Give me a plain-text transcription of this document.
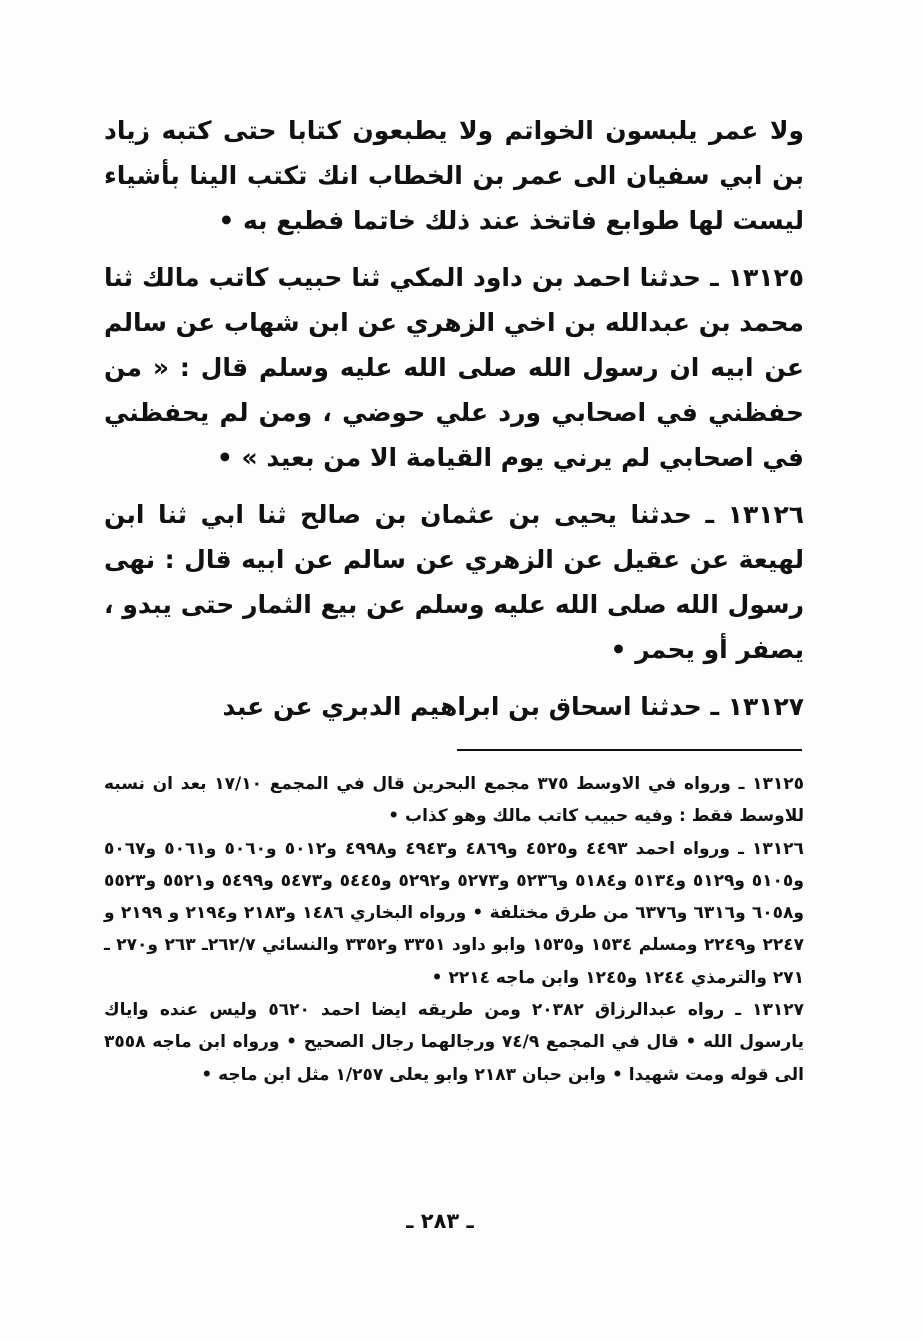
ولا عمر يلبسون الخواتم ولا يطبعون كتابا حتى كتبه زياد بن ابي سفيان الى عمر بن الخطاب انك تكتب الينا بأشياء ليست لها طوابع فاتخذ عند ذلك خاتما فطبع به •

١٣١٢٥ ـ حدثنا احمد بن داود المكي ثنا حبيب كاتب مالك ثنا محمد بن عبدالله بن اخي الزهري عن ابن شهاب عن سالم عن ابيه ان رسول الله صلى الله عليه وسلم قال : « من حفظني في اصحابي ورد علي حوضي ، ومن لم يحفظني في اصحابي لم يرني يوم القيامة الا من بعيد » •

١٣١٢٦ ـ حدثنا يحيى بن عثمان بن صالح ثنا ابي ثنا ابن لهيعة عن عقيل عن الزهري عن سالم عن ابيه قال : نهى رسول الله صلى الله عليه وسلم عن بيع الثمار حتى يبدو ، يصفر أو يحمر •

١٣١٢٧ ـ حدثنا اسحاق بن ابراهيم الدبري عن عبد

١٣١٢٥ ـ ورواه في الاوسط ٣٧٥ مجمع البحرين قال في المجمع ١٧/١٠ بعد ان نسبه للاوسط فقط : وفيه حبيب كاتب مالك وهو كذاب •

١٣١٢٦ ـ ورواه احمد ٤٤٩٣ و٤٥٢٥ و٤٨٦٩ و٤٩٤٣ و٤٩٩٨ و٥٠١٢ و٥٠٦٠ و٥٠٦١ و٥٠٦٧ و٥١٠٥ و٥١٢٩ و٥١٣٤ و٥١٨٤ و٥٢٣٦ و٥٢٧٣ و٥٢٩٢ و٥٤٤٥ و٥٤٧٣ و٥٤٩٩ و٥٥٢١ و٥٥٢٣ و٦٠٥٨ و٦٣١٦ و٦٣٧٦ من طرق مختلفة • ورواه البخاري ١٤٨٦ و٢١٨٣ و٢١٩٤ و ٢١٩٩ و ٢٢٤٧ و٢٢٤٩ ومسلم ١٥٣٤ و١٥٣٥ وابو داود ٣٣٥١ و٣٣٥٢ والنسائي ٢٦٢/٧ـ ٢٦٣ و٢٧٠ ـ ٢٧١ والترمذي ١٢٤٤ و١٢٤٥ وابن ماجه ٢٢١٤ •

١٣١٢٧ ـ رواه عبدالرزاق ٢٠٣٨٢ ومن طريقه ايضا احمد ٥٦٢٠ وليس عنده واياك يارسول الله • قال في المجمع ٧٤/٩ ورجالهما رجال الصحيح • ورواه ابن ماجه ٣٥٥٨ الى قوله ومت شهيدا • وابن حبان ٢١٨٣ وابو يعلى ١/٢٥٧ مثل ابن ماجه •

ـ ٢٨٣ ـ
